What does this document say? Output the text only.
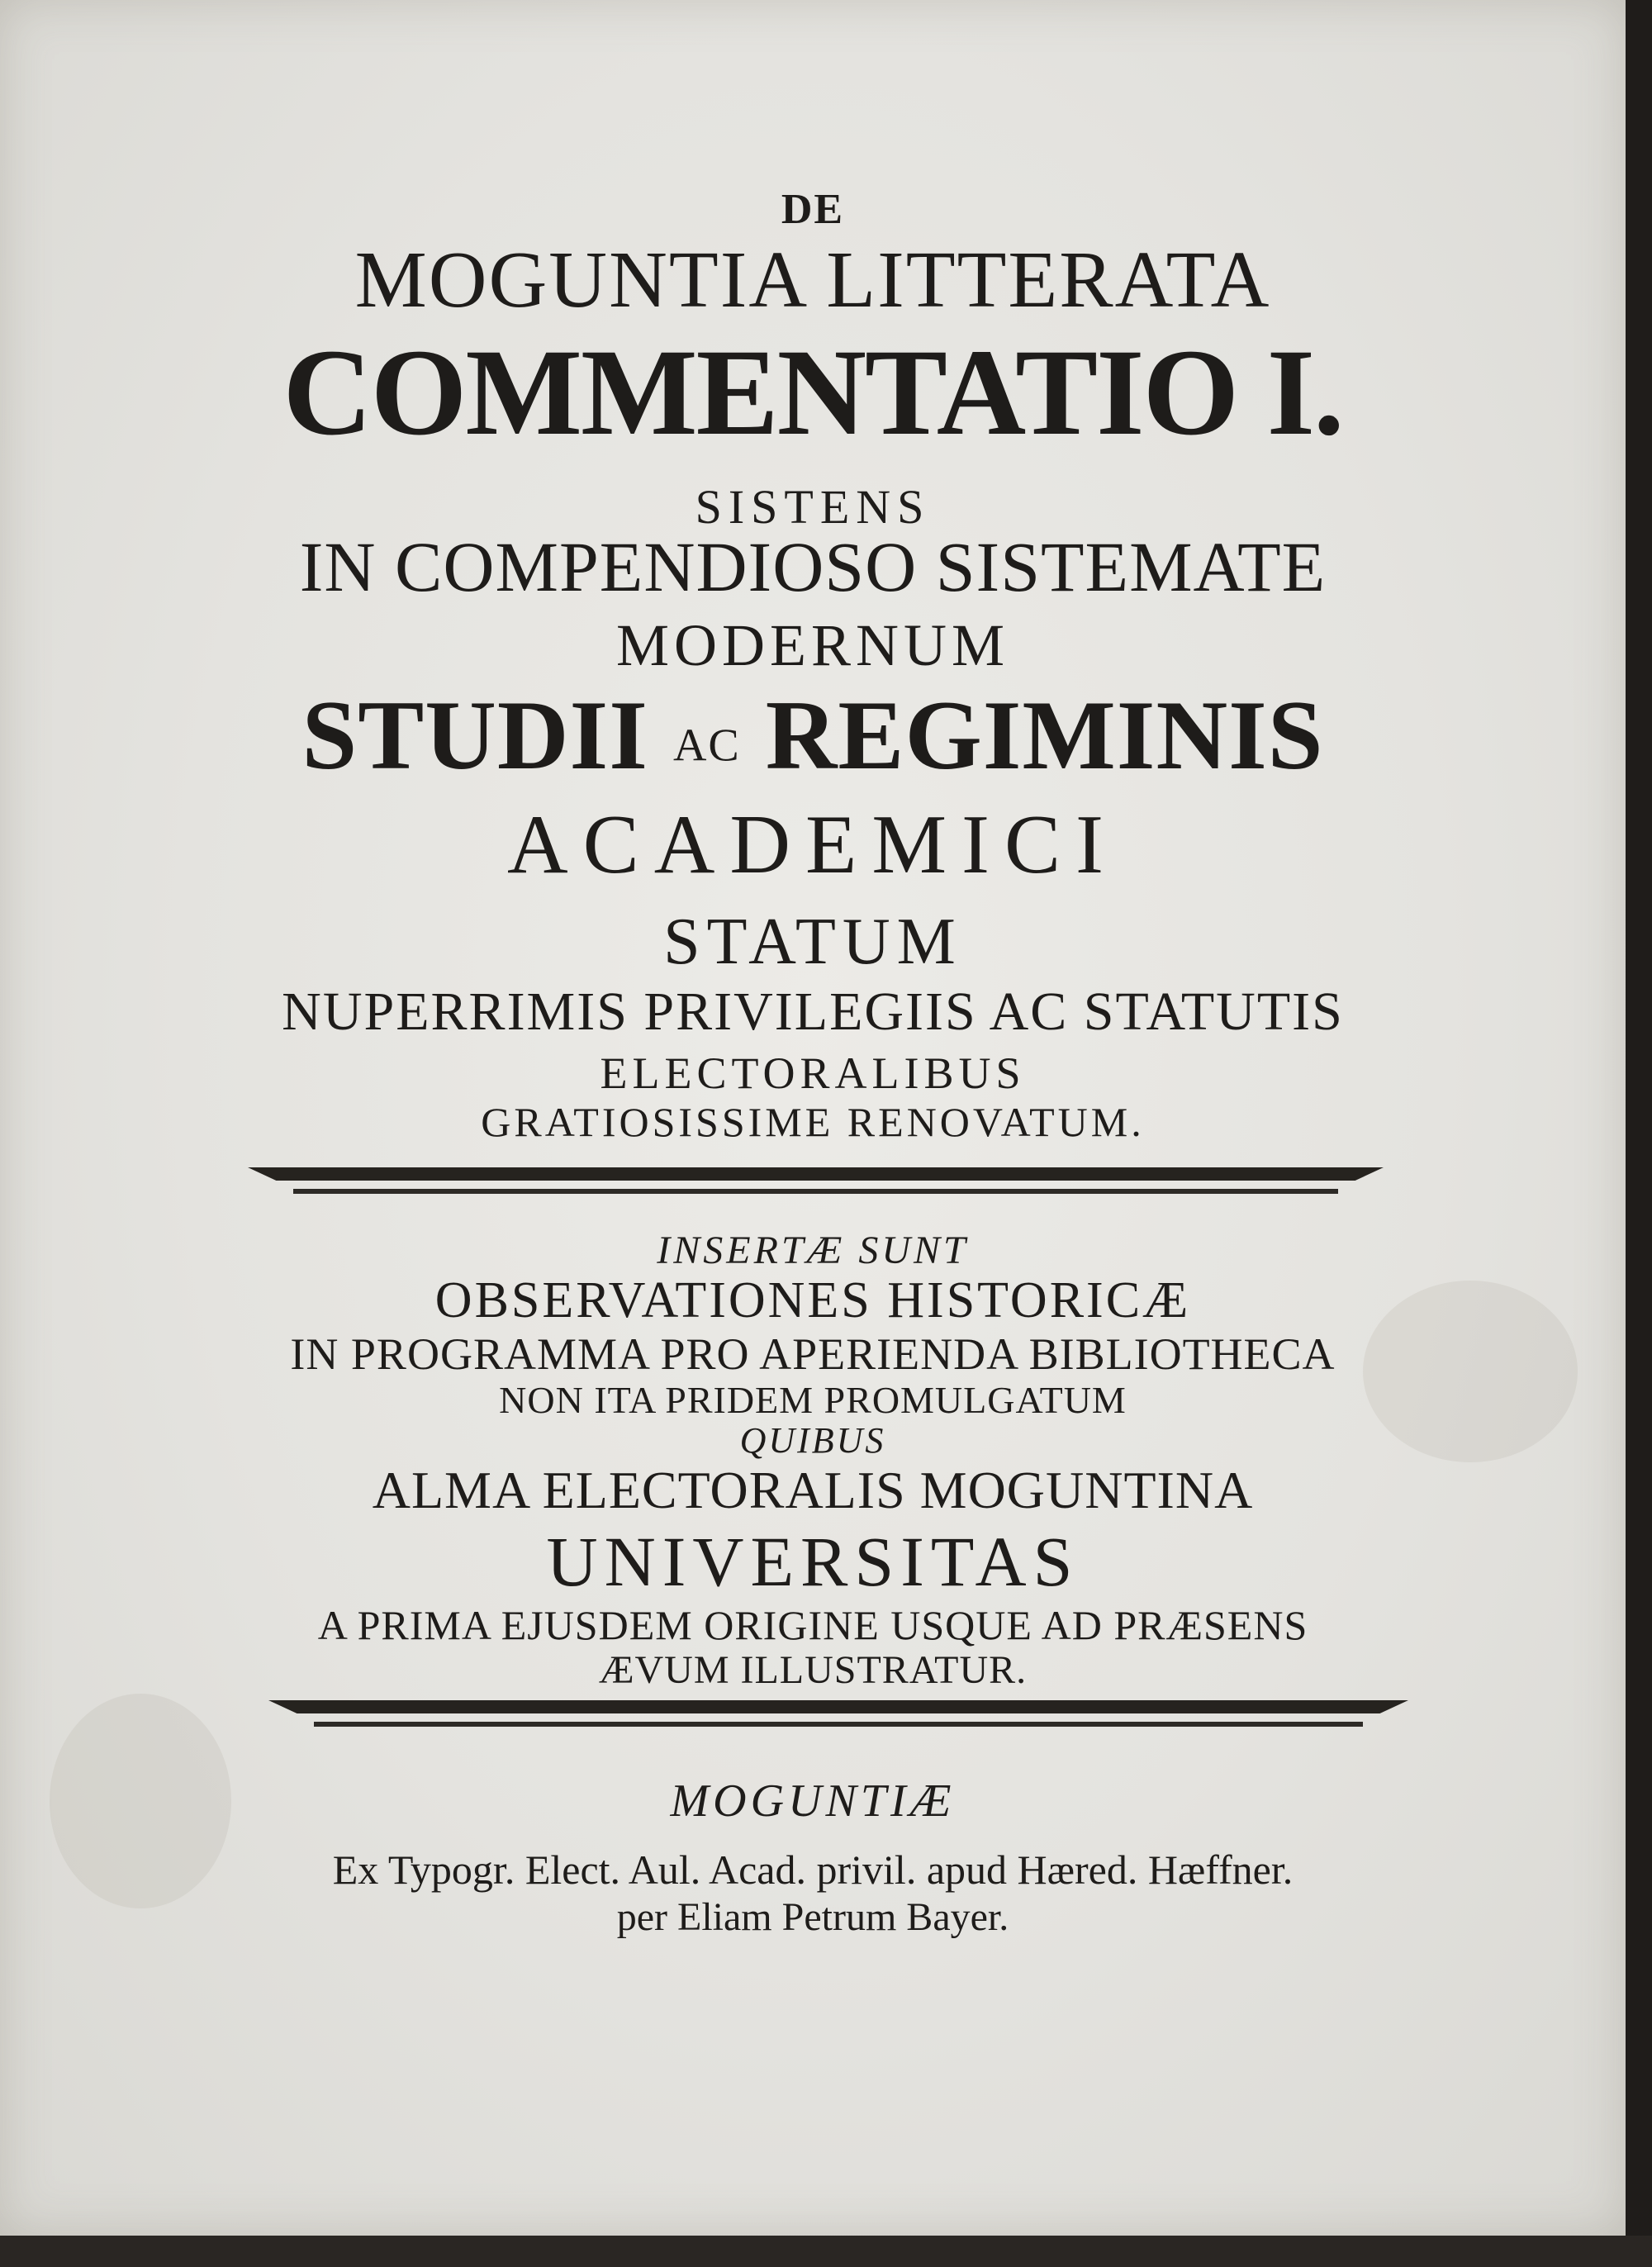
DE

MOGUNTIA LITTERATA

COMMENTATIO I.

SISTENS

IN COMPENDIOSO SISTEMATE

MODERNUM

STUDII AC REGIMINIS

ACADEMICI

STATUM

NUPERRIMIS PRIVILEGIIS AC STATUTIS

ELECTORALIBUS

GRATIOSISSIME RENOVATUM.

INSERTÆ SUNT

OBSERVATIONES HISTORICÆ

IN PROGRAMMA PRO APERIENDA BIBLIOTHECA

NON ITA PRIDEM PROMULGATUM

QUIBUS

ALMA ELECTORALIS MOGUNTINA

UNIVERSITAS

A PRIMA EJUSDEM ORIGINE USQUE AD PRÆSENS

ÆVUM ILLUSTRATUR.

MOGUNTIÆ

Ex Typogr. Elect. Aul. Acad. privil. apud Hæred. Hæffner.

per Eliam Petrum Bayer.
